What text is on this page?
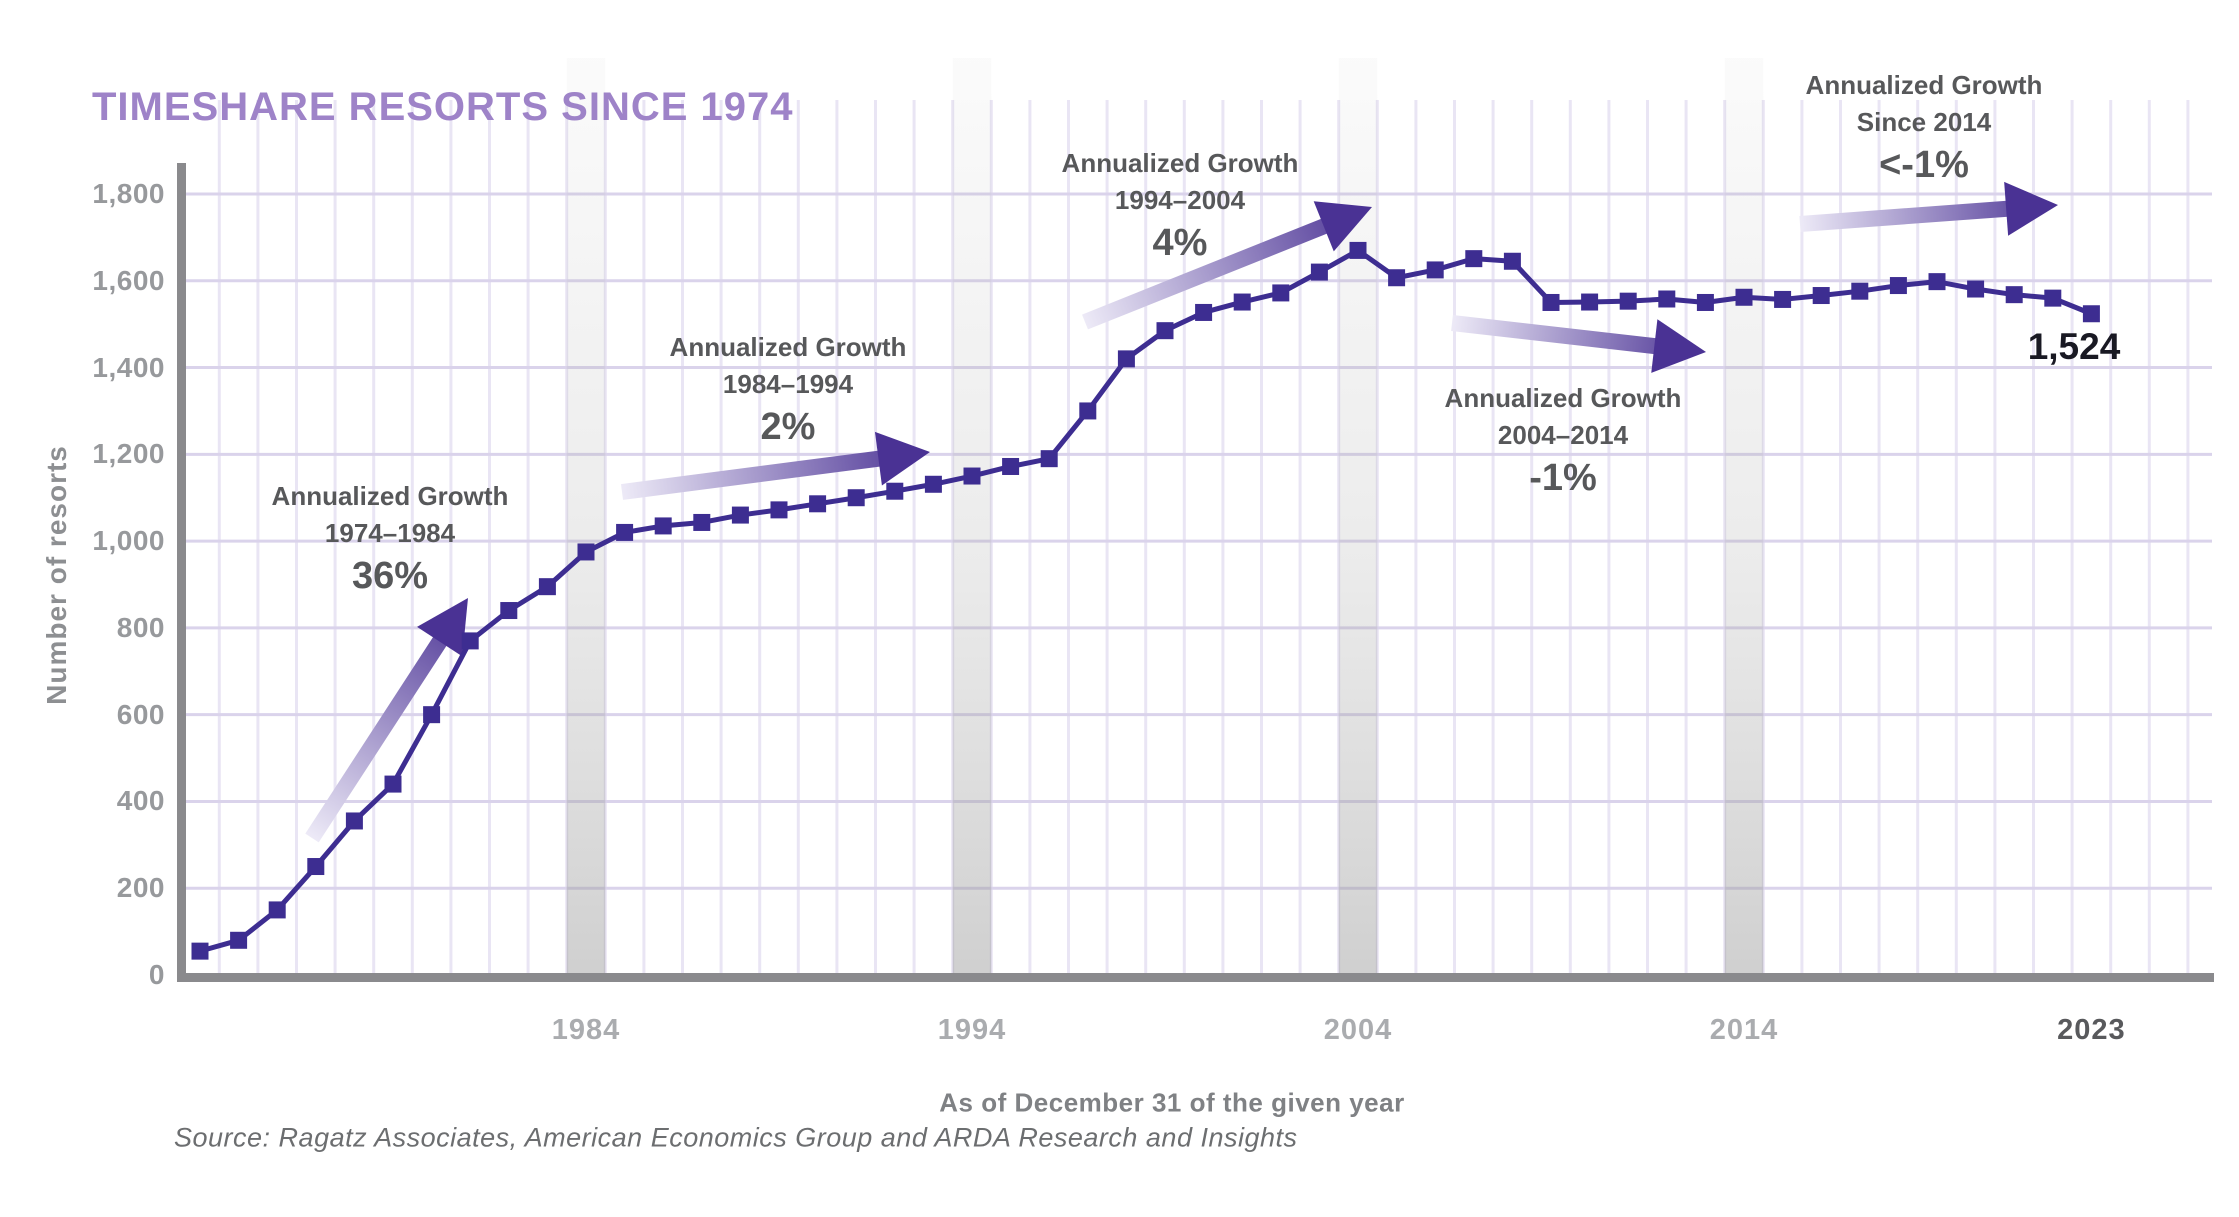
TIMESHARE RESORTS SINCE 1974
Number of resorts	Annualized Growth
1974–1984
36%
Annualized Growth
1984–1994
2%
Annualized Growth
1994–2004
4%
Annualized Growth
2004–2014
-1%
Annualized Growth
Since 2014
<-1%
1,524
As of December 31 of the given year
Source: Ragatz Associates, American Economics Group and ARDA Research and Insights
0
200
400
600
800
1,000
1,200
1,400
1,600
1,800
1984	1994	2004	2014	2023
